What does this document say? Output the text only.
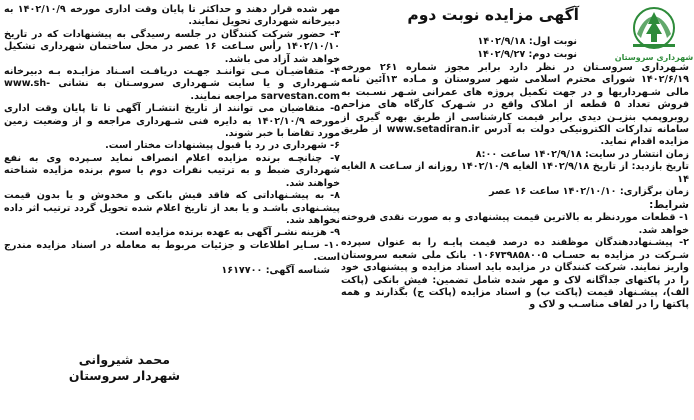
شهرداری سروستان
آگهی مزایده نوبت دوم
نوبت اول: ۱۴۰۲/۹/۱۸
نوبت دوم: ۱۴۰۲/۹/۲۷

شـهرداری سروسـتان در نظر دارد برابر مجوز شماره ۲۶۱ مورخه ۱۴۰۲/۶/۱۹ شورای محترم اسلامی شهر سروستان و مـاده ۱۳آئین نامه مالی شـهرداریها و در جهت تکمیل پروژه های عمرانی شـهر نسـبت به فروش تعداد ۵ قطعه از املاک واقع در شـهرک کارگاه های مزاحم روبروپمپ بنزیـن دیدی برابر قیمت کارشناسی از طریق بهره گیری از سامانه تدارکات الکترونیکی دولت به آدرس www.setadiran.ir از طریق مزایده اقدام نماید.

زمان انتشار در سایت: ۱۴۰۲/۹/۱۸ ساعت ۸:۰۰

تاریخ بازدید: از تاریخ ۱۴۰۲/۹/۱۸ الغایه ۱۴۰۲/۱۰/۹ روزانه از سـاعت ۸ الغایه ۱۴

زمان برگزاری: ۱۴۰۲/۱۰/۱۰ ساعت ۱۶ عصر

شرایط:

۱- قطعات موردنظر به بالاترین قیمت پیشنهادی و به صورت نقدی فروخته خواهد شد.

۲- پیشـنهاددهندگان موظفند ده درصد قیمت پایـه را به عنوان سپرده شـرکت در مزایده به حسـاب ۰۱۰۶۷۳۹۸۵۸۰۰۵ بانک ملی شعبه سروستان واریز نمایند. شرکت کنندگان در مزایده باید اسناد مزایده و پیشنهادی خود را در پاکتهای جداگانه لاک و مهر شده شامل تضمین: فیش بانکی (پاکت الف)، پیشـنهاد قیمت (پاکت ب) و اسناد مزایده (پاکت ج) بگذارند و همه پاکتها را در لفاف مناسـب و لاک و

مهر شده قرار دهند و حداکثر تا پایان وقت اداری مورخه ۱۴۰۲/۱۰/۹ به دبیرخانه شهرداری تحویل نمایند.

۳- حضور شرکت کنندگان در جلسه رسیدگی به پیشنهادات که در تاریخ ۱۴۰۲/۱۰/۱۰ رأس سـاعت ۱۶ عصر در محل ساختمان شهرداری تشکیل خواهد شد آزاد می باشد.

۴- متقاضیـان مـی تواننـد جهـت دریافـت اسـناد مزایـده بـه دبیرخانه شـهرداری و یا سایت شـهرداری سروسـتان به نشانی www.sh-sarvestan.com مراجعه نمایند.

۵- متقاضیان می توانند از تاریخ انتشـار آگهی تا تا پایان وقت اداری مورخه ۱۴۰۲/۱۰/۹ به دایره فنی شـهرداری مراجعه و از وضعیت زمین مورد تقاضا با خبر شوند.

۶- شهرداری در رد یا قبول پیشنهادات مختار است.

۷- چنانچـه برنده مزایده اعلام انصراف نماید سـپرده وی به نفع شهرداری ضبط و به ترتیب نفرات دوم یا سوم برنده مزایده شناخته خواهند شد.

۸- به پیشـنهاداتی که فاقد فیش بانکی و مخدوش و یا بدون قیمت پیشـنهادی باشـد و یا بعد از تاریخ اعلام شده تحویل گردد ترتیب اثر داده نخواهد شد.

۹- هزینه نشـر آگهی به عهده برنده مزایده است.

۱۰- سـایر اطلاعات و جزئیات مربوط به معامله در اسناد مزایده مندرج است.

شناسه آگهی: ۱۶۱۷۷۰۰

محمد شیروانی
شهردار سروستان
